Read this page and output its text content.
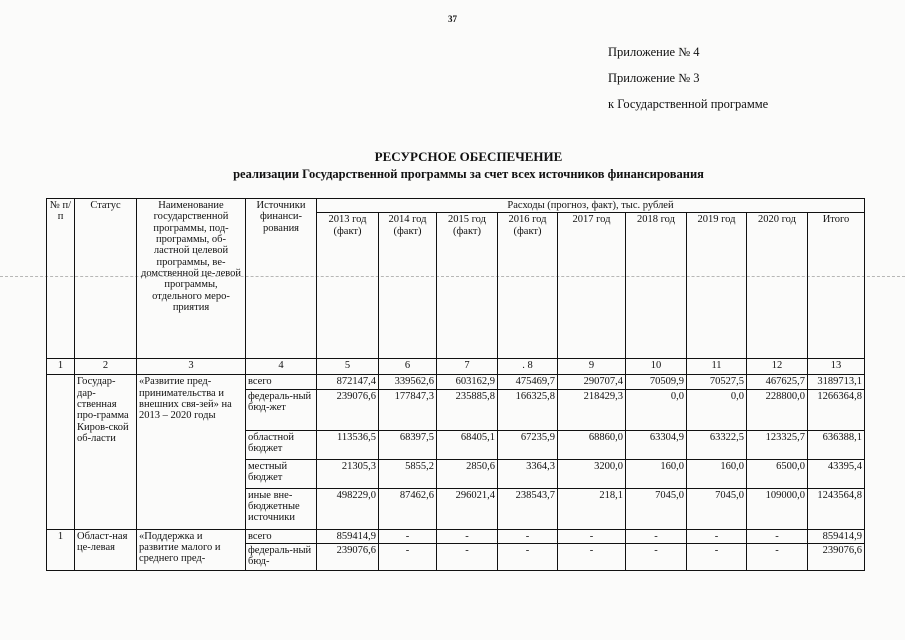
37
Приложение № 4
Приложение № 3
к Государственной программе
РЕСУРСНОЕ ОБЕСПЕЧЕНИЕ
реализации Государственной программы за счет всех источников финансирования
№ п/п	Статус	Наименование государственной программы, под-программы, об-ластной целевой программы, ве-домственной це-левой программы, отдельного меро-приятия	Источники финанси-рования	Расходы (прогноз, факт), тыс. рублей								
				2013 год (факт)	2014 год (факт)	2015 год (факт)	2016 год (факт)	2017 год	2018 год	2019 год	2020 год	Итого
1	2	3	4	5	6	7	. 8	9	10	11	12	13
	Государ-дар-ственная про-грамма Киров-ской об-ласти	«Развитие пред-принимательства и внешних свя-зей» на 2013 – 2020 годы	всего	872147,4	339562,6	603162,9	475469,7	290707,4	70509,9	70527,5	467625,7	3189713,1
			федераль-ный бюд-жет	239076,6	177847,3	235885,8	166325,8	218429,3	0,0	0,0	228800,0	1266364,8
			областной бюджет	113536,5	68397,5	68405,1	67235,9	68860,0	63304,9	63322,5	123325,7	636388,1
			местный бюджет	21305,3	5855,2	2850,6	3364,3	3200,0	160,0	160,0	6500,0	43395,4
			иные вне-бюджетные источники	498229,0	87462,6	296021,4	238543,7	218,1	7045,0	7045,0	109000,0	1243564,8
1	Област-ная це-левая	«Поддержка и развитие малого и среднего пред-	всего	859414,9	-	-	-	-	-	-	-	859414,9
			федераль-ный бюд-	239076,6	-	-	-	-	-	-	-	239076,6
